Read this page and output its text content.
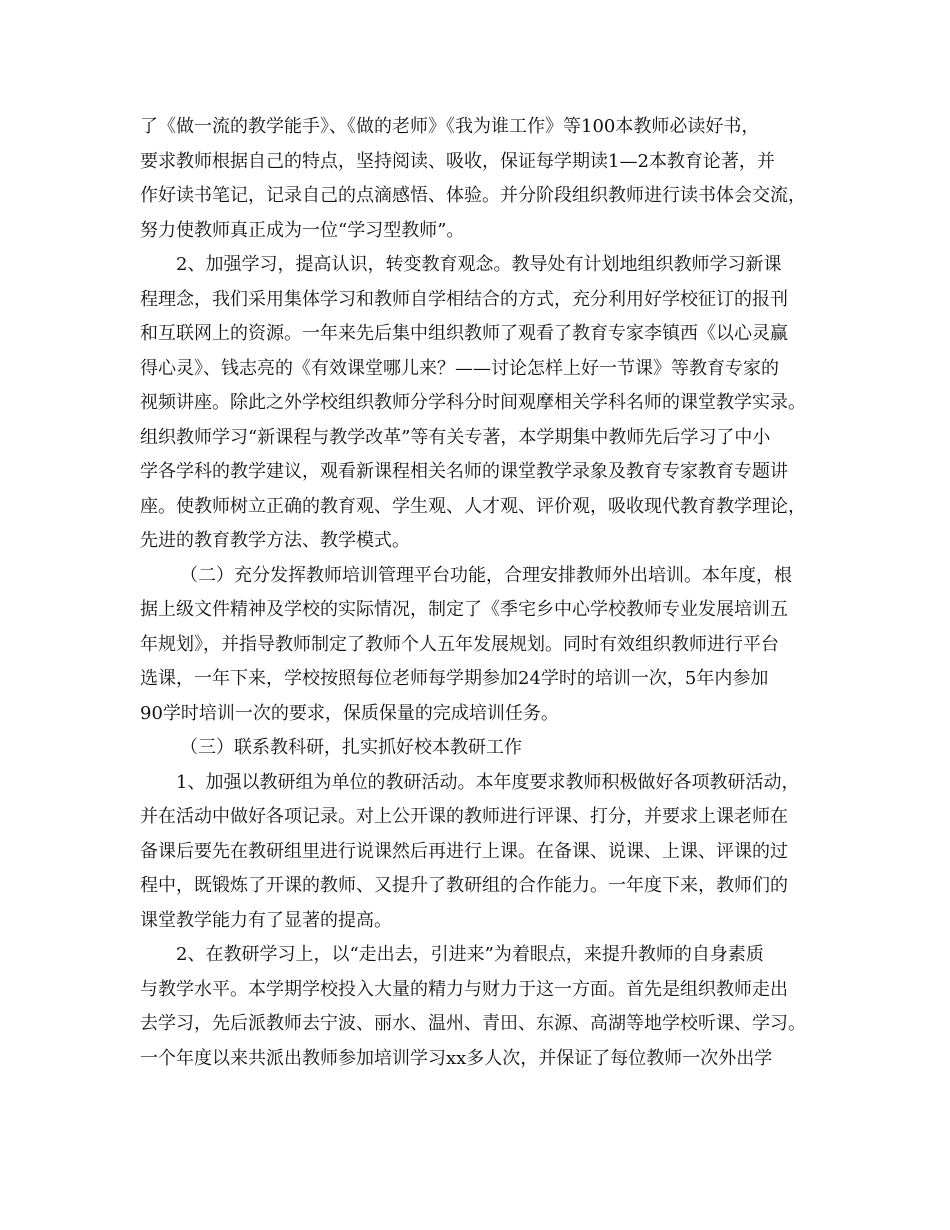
了《做一流的教学能手》、《做的老师》《我为谁工作》等100本教师必读好书，
要求教师根据自己的特点，坚持阅读、吸收，保证每学期读1—2本教育论著，并
作好读书笔记，记录自己的点滴感悟、体验。并分阶段组织教师进行读书体会交流，
努力使教师真正成为一位“学习型教师”。
2、加强学习，提高认识，转变教育观念。教导处有计划地组织教师学习新课
程理念，我们采用集体学习和教师自学相结合的方式，充分利用好学校征订的报刊
和互联网上的资源。一年来先后集中组织教师了观看了教育专家李镇西《以心灵赢
得心灵》、钱志亮的《有效课堂哪儿来？——讨论怎样上好一节课》等教育专家的
视频讲座。除此之外学校组织教师分学科分时间观摩相关学科名师的课堂教学实录。
组织教师学习“新课程与教学改革”等有关专著，本学期集中教师先后学习了中小
学各学科的教学建议，观看新课程相关名师的课堂教学录象及教育专家教育专题讲
座。使教师树立正确的教育观、学生观、人才观、评价观，吸收现代教育教学理论，
先进的教育教学方法、教学模式。
（二）充分发挥教师培训管理平台功能，合理安排教师外出培训。本年度，根
据上级文件精神及学校的实际情况，制定了《季宅乡中心学校教师专业发展培训五
年规划》，并指导教师制定了教师个人五年发展规划。同时有效组织教师进行平台
选课，一年下来，学校按照每位老师每学期参加24学时的培训一次，5年内参加
90学时培训一次的要求，保质保量的完成培训任务。
（三）联系教科研，扎实抓好校本教研工作
1、加强以教研组为单位的教研活动。本年度要求教师积极做好各项教研活动，
并在活动中做好各项记录。对上公开课的教师进行评课、打分，并要求上课老师在
备课后要先在教研组里进行说课然后再进行上课。在备课、说课、上课、评课的过
程中，既锻炼了开课的教师、又提升了教研组的合作能力。一年度下来，教师们的
课堂教学能力有了显著的提高。
2、在教研学习上，以“走出去，引进来”为着眼点，来提升教师的自身素质
与教学水平。本学期学校投入大量的精力与财力于这一方面。首先是组织教师走出
去学习，先后派教师去宁波、丽水、温州、青田、东源、高湖等地学校听课、学习。
一个年度以来共派出教师参加培训学习xx多人次，并保证了每位教师一次外出学
